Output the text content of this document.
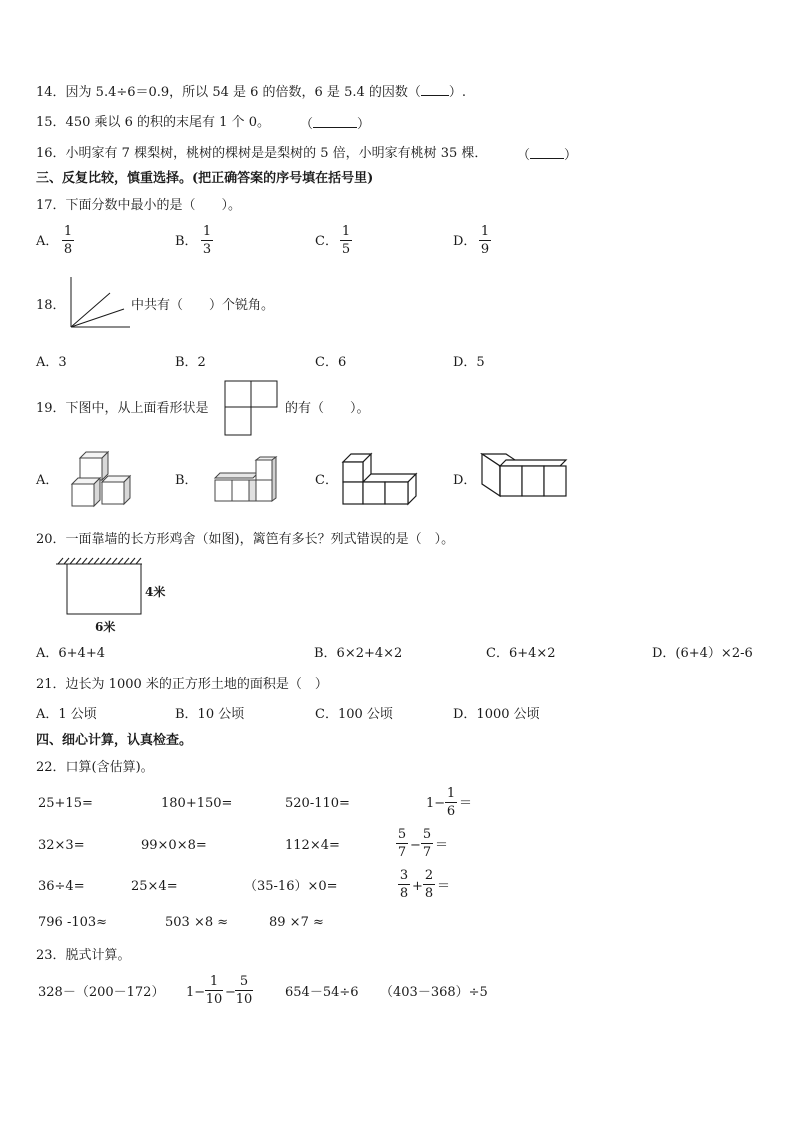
14．因为 5.4÷6＝0.9，所以 54 是 6 的倍数，6 是 5.4 的因数（ ）.
15．450 乘以 6 的积的末尾有 1 个 0。 （	）
16．小明家有 7 棵梨树，桃树的棵树是是梨树的 5 倍，小明家有桃树 35 棵． （	）
三、反复比较，慎重选择。(把正确答案的序号填在括号里)
17．下面分数中最小的是（　　）。
A．
1
8
B．
1
3
C．
1
5
D．
1
9
18．	中共有（　　）个锐角。
A．3	B．2	C．6	D．5
19．下图中，从上面看形状是	的有（　　）。
A．	B．	C．	D．
20．一面靠墙的长方形鸡舍（如图)，篱笆有多长？列式错误的是（　）。
4米
6米
A．6+4+4	B．6×2+4×2	C．6+4×2	D．(6+4）×2-6
21．边长为 1000 米的正方形土地的面积是（　）
A．1 公顷	B．10 公顷	C．100 公顷	D．1000 公顷
四、细心计算，认真检查。
22．口算(含估算)。
25+15=	180+150=	520-110=	1−
1
6
＝
32×3=	99×0×8=	112×4=
5
7 −
5
7 ＝
36÷4=	25×4=	（35-16）×0=
3
8 +
2
8 ＝
796 -103≈	503 ×8 ≈	89 ×7 ≈
23．脱式计算。
328－（200－172） 1−
1
10 −
5
10	654－54÷6 （403－368）÷5
